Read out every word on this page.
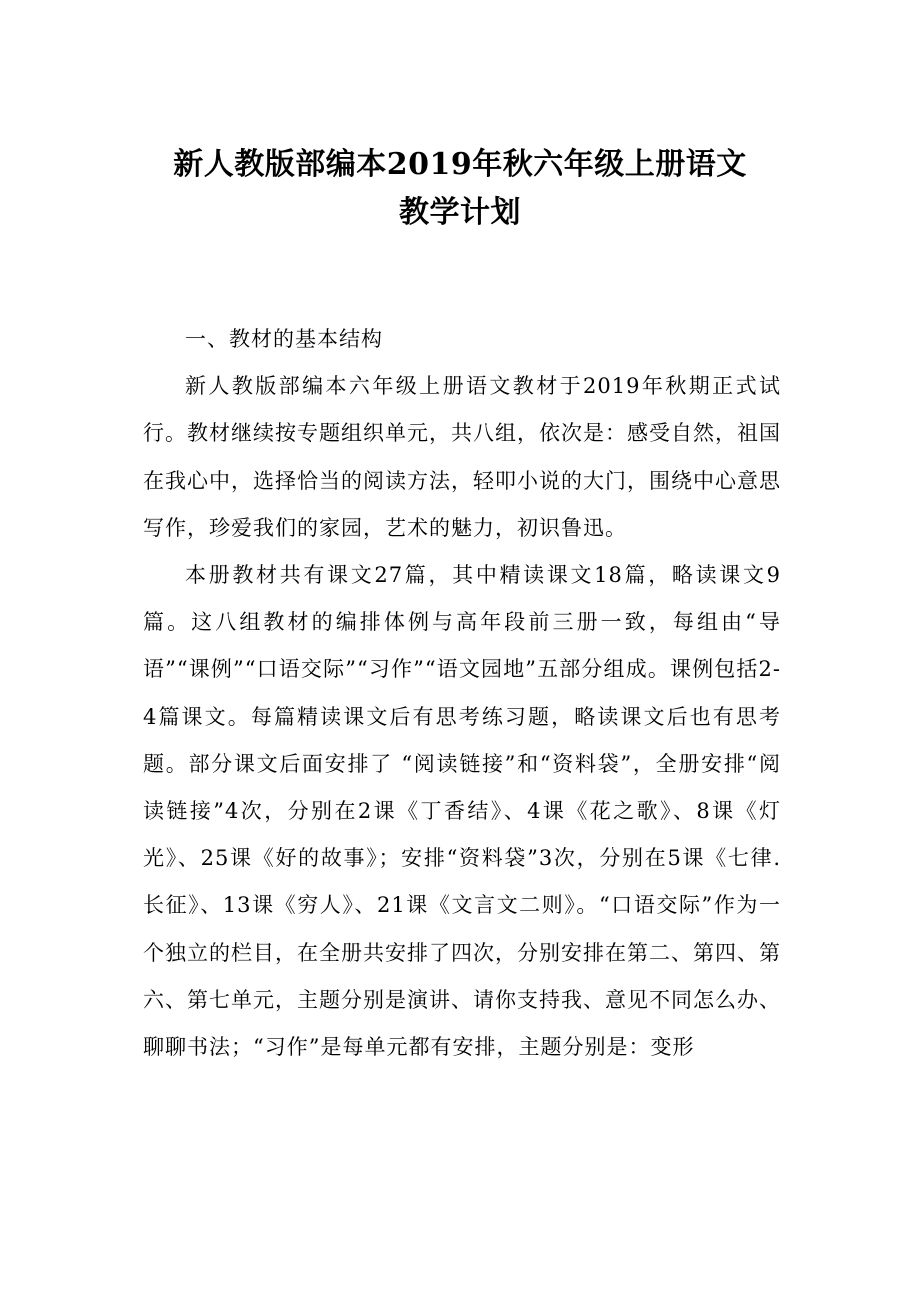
新人教版部编本2019年秋六年级上册语文
教学计划

一、教材的基本结构

新人教版部编本六年级上册语文教材于2019年秋期正式试行。教材继续按专题组织单元，共八组，依次是：感受自然，祖国在我心中，选择恰当的阅读方法，轻叩小说的大门，围绕中心意思写作，珍爱我们的家园，艺术的魅力，初识鲁迅。

本册教材共有课文27篇，其中精读课文18篇，略读课文9篇。这八组教材的编排体例与高年段前三册一致，每组由“导语”“课例”“口语交际”“习作”“语文园地”五部分组成。课例包括2-4篇课文。每篇精读课文后有思考练习题，略读课文后也有思考题。部分课文后面安排了 “阅读链接”和“资料袋”，全册安排“阅读链接”4次，分别在2课《丁香结》、4课《花之歌》、8课《灯光》、25课《好的故事》；安排“资料袋”3次，分别在5课《七律.长征》、13课《穷人》、21课《文言文二则》。“口语交际”作为一个独立的栏目，在全册共安排了四次，分别安排在第二、第四、第六、第七单元，主题分别是演讲、请你支持我、意见不同怎么办、聊聊书法；“习作”是每单元都有安排，主题分别是：变形
